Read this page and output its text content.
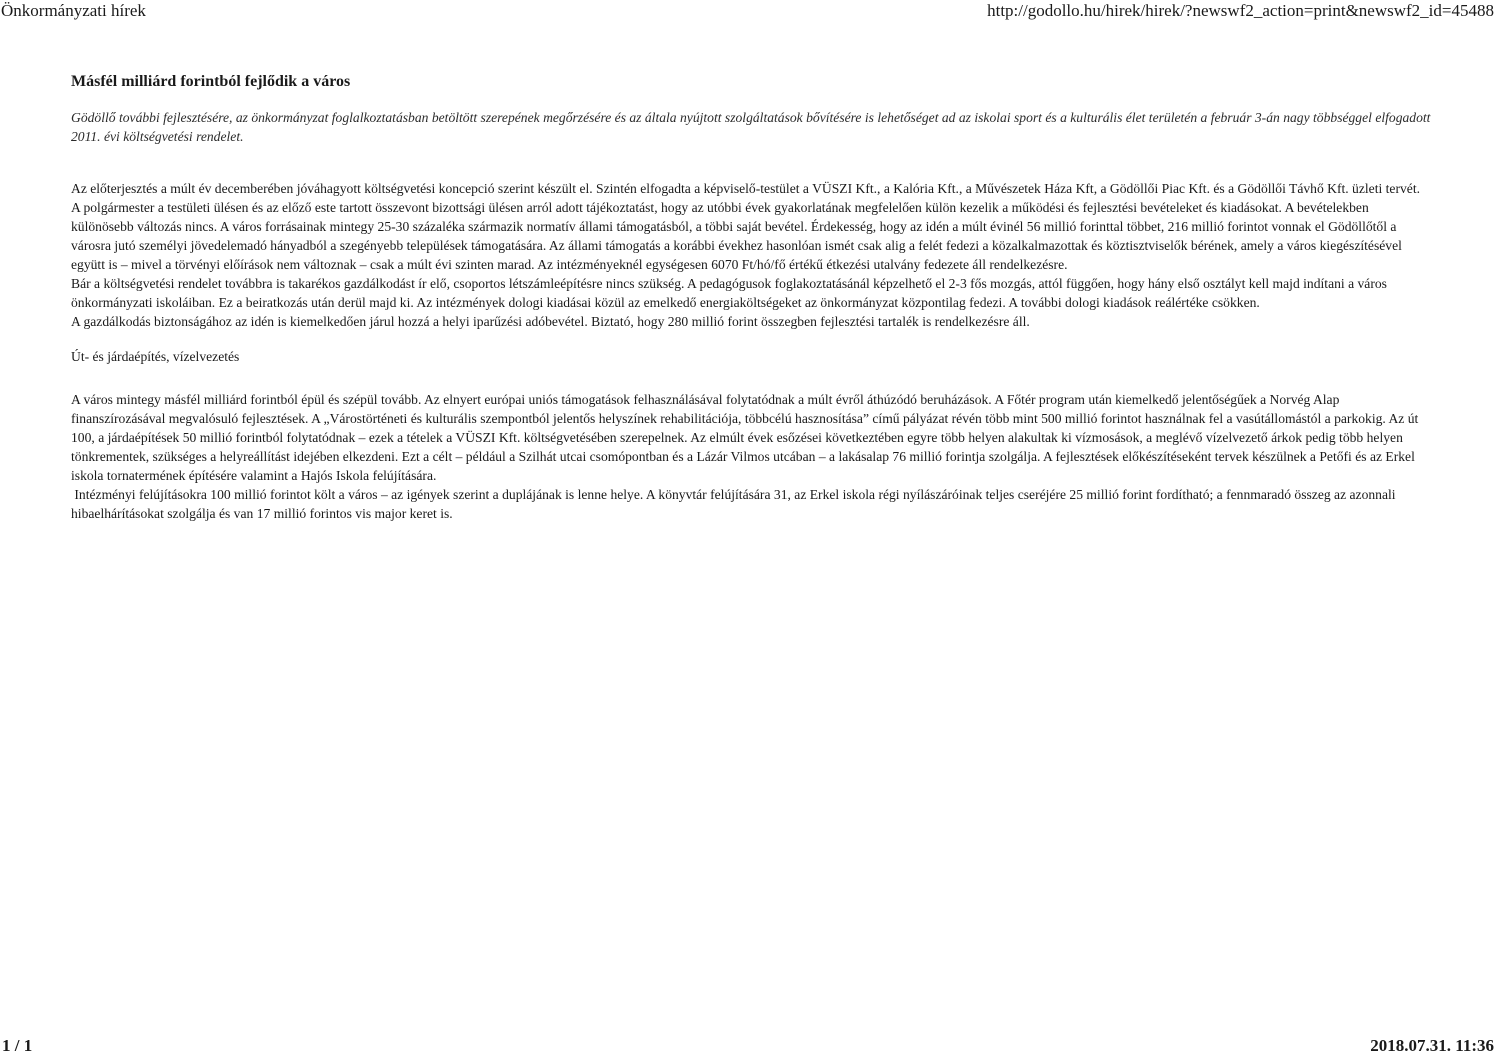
Önkormányzati hírek	http://godollo.hu/hirek/hirek/?newswf2_action=print&newswf2_id=45488
Másfél milliárd forintból fejlődik a város

Gödöllő további fejlesztésére, az önkormányzat foglalkoztatásban betöltött szerepének megőrzésére és az általa nyújtott szolgáltatások bővítésére is lehetőséget ad az iskolai sport és a kulturális élet területén a február 3-án nagy többséggel elfogadott 2011. évi költségvetési rendelet.

Az előterjesztés a múlt év decemberében jóváhagyott költségvetési koncepció szerint készült el. Szintén elfogadta a képviselő-testület a VÜSZI Kft., a Kalória Kft., a Művészetek Háza Kft, a Gödöllői Piac Kft. és a Gödöllői Távhő Kft. üzleti tervét.

A polgármester a testületi ülésen és az előző este tartott összevont bizottsági ülésen arról adott tájékoztatást, hogy az utóbbi évek gyakorlatának megfelelően külön kezelik a működési és fejlesztési bevételeket és kiadásokat. A bevételekben különösebb változás nincs. A város forrásainak mintegy 25-30 százaléka származik normatív állami támogatásból, a többi saját bevétel. Érdekesség, hogy az idén a múlt évinél 56 millió forinttal többet, 216 millió forintot vonnak el Gödöllőtől a városra jutó személyi jövedelemadó hányadból a szegényebb települések támogatására. Az állami támogatás a korábbi évekhez hasonlóan ismét csak alig a felét fedezi a közalkalmazottak és köztisztviselők bérének, amely a város kiegészítésével együtt is – mivel a törvényi előírások nem változnak – csak a múlt évi szinten marad. Az intézményeknél egységesen 6070 Ft/hó/fő értékű étkezési utalvány fedezete áll rendelkezésre.

Bár a költségvetési rendelet továbbra is takarékos gazdálkodást ír elő, csoportos létszámleépítésre nincs szükség. A pedagógusok foglakoztatásánál képzelhető el 2-3 fős mozgás, attól függően, hogy hány első osztályt kell majd indítani a város önkormányzati iskoláiban. Ez a beiratkozás után derül majd ki. Az intézmények dologi kiadásai közül az emelkedő energiaköltségeket az önkormányzat központilag fedezi. A további dologi kiadások reálértéke csökken.

A gazdálkodás biztonságához az idén is kiemelkedően járul hozzá a helyi iparűzési adóbevétel. Biztató, hogy 280 millió forint összegben fejlesztési tartalék is rendelkezésre áll.

Út- és járdaépítés, vízelvezetés

A város mintegy másfél milliárd forintból épül és szépül tovább. Az elnyert európai uniós támogatások felhasználásával folytatódnak a múlt évről áthúzódó beruházások. A Főtér program után kiemelkedő jelentőségűek a Norvég Alap finanszírozásával megvalósuló fejlesztések. A „Várostörténeti és kulturális szempontból jelentős helyszínek rehabilitációja, többcélú hasznosítása” című pályázat révén több mint 500 millió forintot használnak fel a vasútállomástól a parkokig. Az út 100, a járdaépítések 50 millió forintból folytatódnak – ezek a tételek a VÜSZI Kft. költségvetésében szerepelnek. Az elmúlt évek esőzései következtében egyre több helyen alakultak ki vízmosások, a meglévő vízelvezető árkok pedig több helyen tönkrementek, szükséges a helyreállítást idejében elkezdeni. Ezt a célt – például a Szilhát utcai csomópontban és a Lázár Vilmos utcában – a lakásalap 76 millió forintja szolgálja. A fejlesztések előkészítéseként tervek készülnek a Petőfi és az Erkel iskola tornatermének építésére valamint a Hajós Iskola felújítására.

Intézményi felújításokra 100 millió forintot költ a város – az igények szerint a duplájának is lenne helye. A könyvtár felújítására 31, az Erkel iskola régi nyílászáróinak teljes cseréjére 25 millió forint fordítható; a fennmaradó összeg az azonnali hibaelhárításokat szolgálja és van 17 millió forintos vis major keret is.

1 / 1	2018.07.31. 11:36
